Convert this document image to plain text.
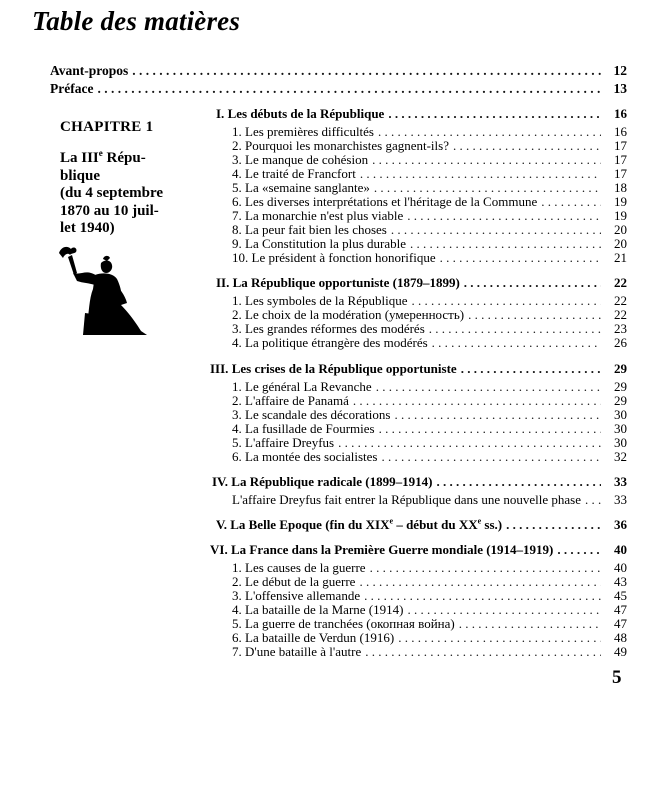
Table des matières
Avant-propos . . .	12
Préface . . .	13
CHAPITRE 1
La IIIe Répu-
blique
(du 4 septembre
1870 au 10 juil-
let 1940)
I. Les débuts de la République . . .	16
1. Les premières difficultés . . .	16
2. Pourquoi les monarchistes gagnent-ils? . . .	17
3. Le manque de cohésion . . .	17
4. Le traité de Francfort . . .	17
5. La «semaine sanglante» . . .	18
6. Les diverses interprétations et l'héritage de la Commune . . .	19
7. La monarchie n'est plus viable . . .	19
8. La peur fait bien les choses . . .	20
9. La Constitution la plus durable . . .	20
10. Le président à fonction honorifique . . .	21
II. La République opportuniste (1879–1899) . . .	22
1. Les symboles de la République . . .	22
2. Le choix de la modération (умеренность) . . .	22
3. Les grandes réformes des modérés . . .	23
4. La politique étrangère des modérés . . .	26
III. Les crises de la République opportuniste . . .	29
1. Le général La Revanche . . .	29
2. L'affaire de Panamá . . .	29
3. Le scandale des décorations . . .	30
4. La fusillade de Fourmies . . .	30
5. L'affaire Dreyfus . . .	30
6. La montée des socialistes . . .	32
IV. La République radicale (1899–1914) . . .	33
L'affaire Dreyfus fait entrer la République dans une nouvelle phase . . .	33
V. La Belle Epoque (fin du XIXe – début du XXe ss.) . . .	36
VI. La France dans la Première Guerre mondiale (1914–1919) . . .	40
1. Les causes de la guerre . . .	40
2. Le début de la guerre . . .	43
3. L'offensive allemande . . .	45
4. La bataille de la Marne (1914) . . .	47
5. La guerre de tranchées (окопная война) . . .	47
6. La bataille de Verdun (1916) . . .	48
7. D'une bataille à l'autre . . .	49
5
